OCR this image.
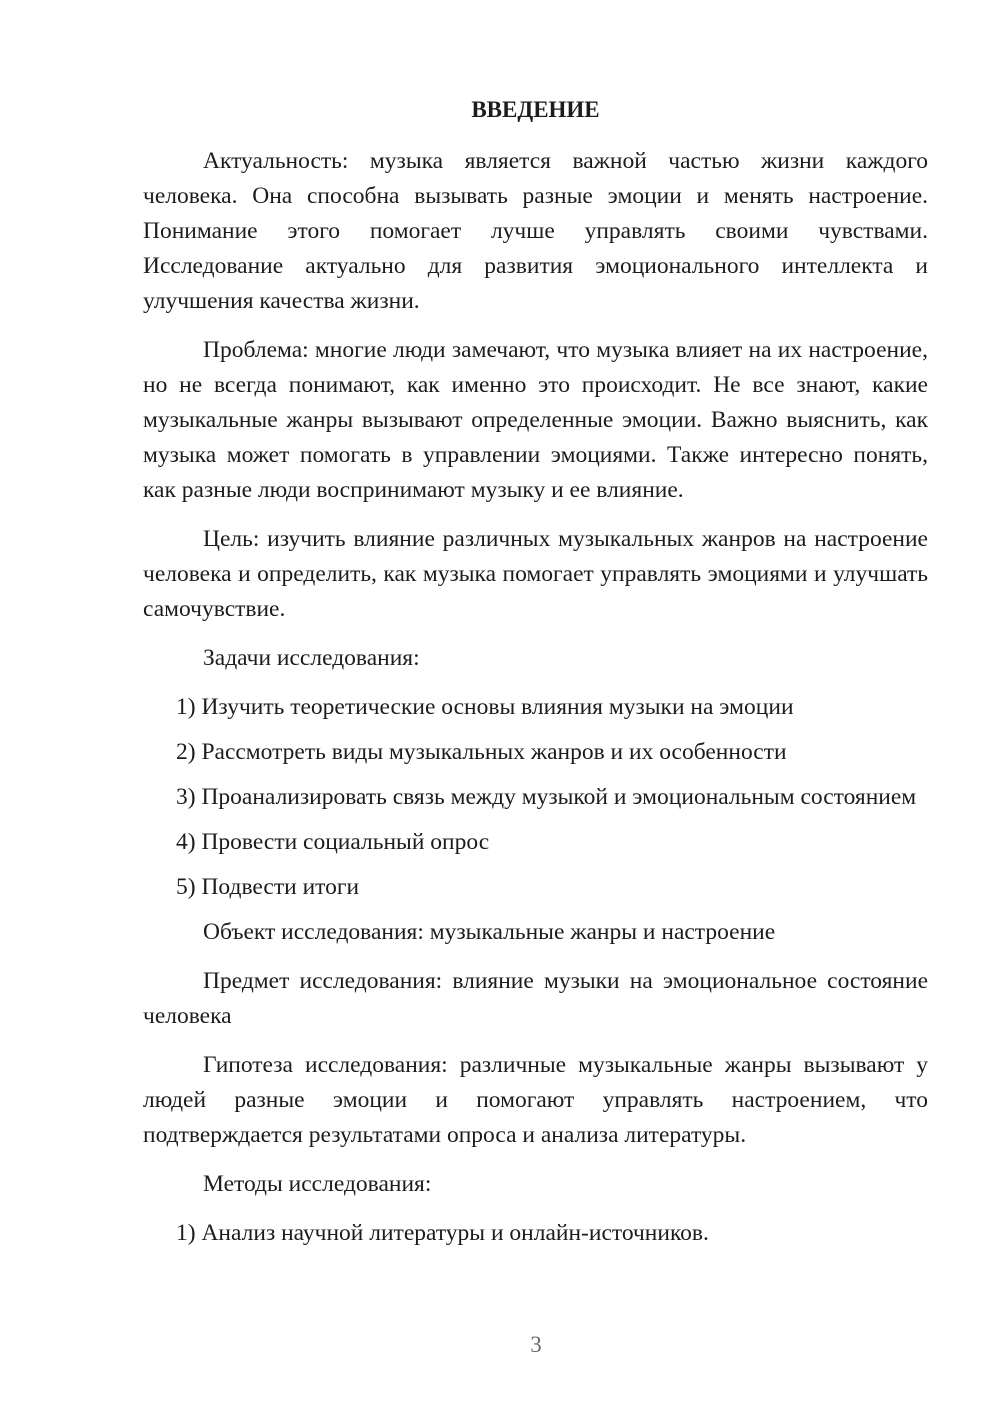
ВВЕДЕНИЕ

Актуальность: музыка является важной частью жизни каждого человека. Она способна вызывать разные эмоции и менять настроение. Понимание этого помогает лучше управлять своими чувствами. Исследование актуально для развития эмоционального интеллекта и улучшения качества жизни.

Проблема: многие люди замечают, что музыка влияет на их настроение, но не всегда понимают, как именно это происходит. Не все знают, какие музыкальные жанры вызывают определенные эмоции. Важно выяснить, как музыка может помогать в управлении эмоциями. Также интересно понять, как разные люди воспринимают музыку и ее влияние.

Цель: изучить влияние различных музыкальных жанров на настроение человека и определить, как музыка помогает управлять эмоциями и улучшать самочувствие.

Задачи исследования:

1) Изучить теоретические основы влияния музыки на эмоции

2) Рассмотреть виды музыкальных жанров и их особенности

3) Проанализировать связь между музыкой и эмоциональным состоянием

4) Провести социальный опрос

5) Подвести итоги

Объект исследования: музыкальные жанры и настроение

Предмет исследования: влияние музыки на эмоциональное состояние человека

Гипотеза исследования: различные музыкальные жанры вызывают у людей разные эмоции и помогают управлять настроением, что подтверждается результатами опроса и анализа литературы.

Методы исследования:

1) Анализ научной литературы и онлайн-источников.

3
